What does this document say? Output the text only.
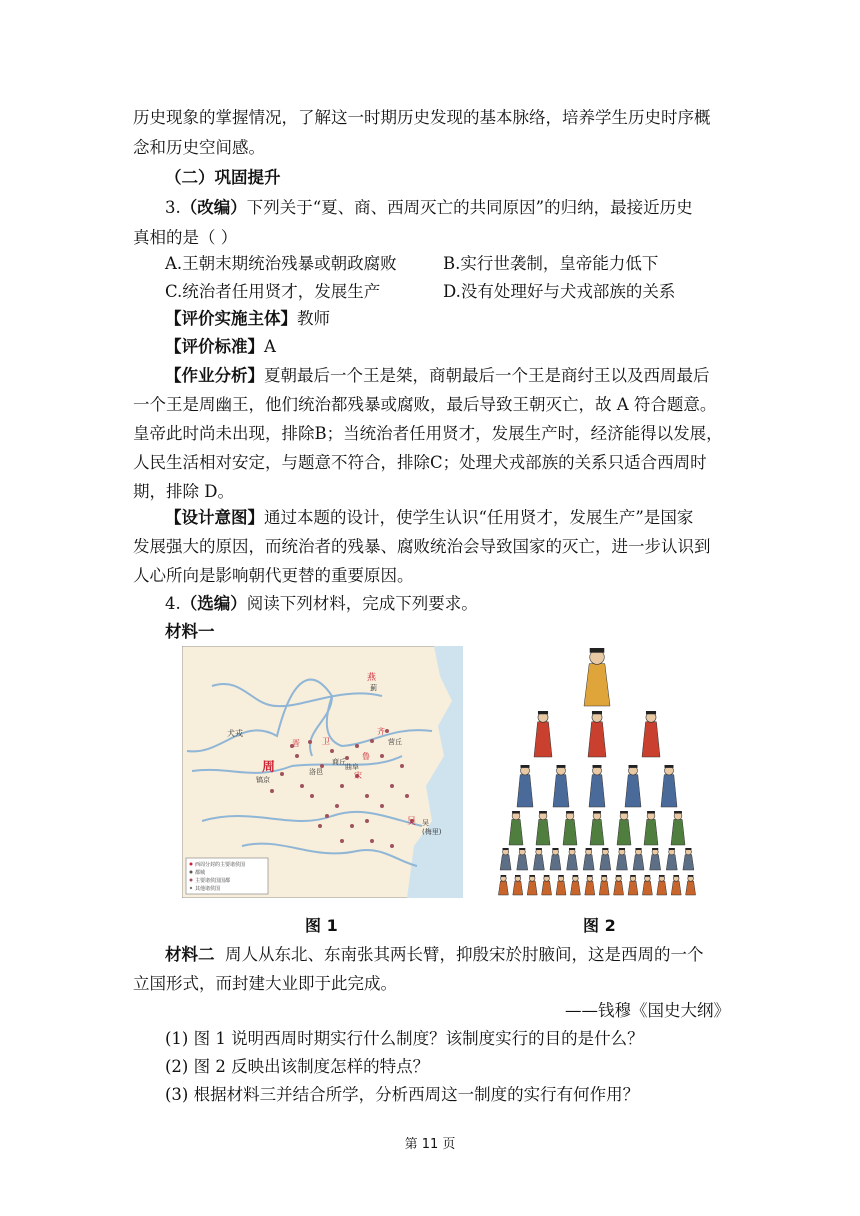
历史现象的掌握情况，了解这一时期历史发现的基本脉络，培养学生历史时序概
念和历史空间感。
（二）巩固提升
3.（改编）下列关于“夏、商、西周灭亡的共同原因”的归纳，最接近历史
真相的是（ ）
A.王朝末期统治残暴或朝政腐败	B.实行世袭制，皇帝能力低下
C.统治者任用贤才，发展生产	D.没有处理好与犬戎部族的关系
【评价实施主体】教师
【评价标准】A
【作业分析】夏朝最后一个王是桀，商朝最后一个王是商纣王以及西周最后
一个王是周幽王，他们统治都残暴或腐败，最后导致王朝灭亡，故 A 符合题意。
皇帝此时尚未出现，排除B；当统治者任用贤才，发展生产时，经济能得以发展，
人民生活相对安定，与题意不符合，排除C；处理犬戎部族的关系只适合西周时
期，排除 D。
【设计意图】通过本题的设计，使学生认识“任用贤才，发展生产”是国家
发展强大的原因，而统治者的残暴、腐败统治会导致国家的灭亡，进一步认识到
人心所向是影响朝代更替的重要原因。
4.（选编）阅读下列材料，完成下列要求。
材料一
燕
周
晋	卫
齐
鲁
宋
吴
蓟
犬戎
镐京
洛邑
营丘
曲阜
商丘
吴
(梅里)
西周分封的主要诸侯国
都城
主要诸侯国国都
其他诸侯国
图 1	图 2
材料二 周人从东北、东南张其两长臂，抑殷宋於肘腋间，这是西周的一个
立国形式，而封建大业即于此完成。
——钱穆《国史大纲》
(1) 图 1 说明西周时期实行什么制度？该制度实行的目的是什么？
(2) 图 2 反映出该制度怎样的特点？
(3) 根据材料三并结合所学，分析西周这一制度的实行有何作用？
第 11 页
